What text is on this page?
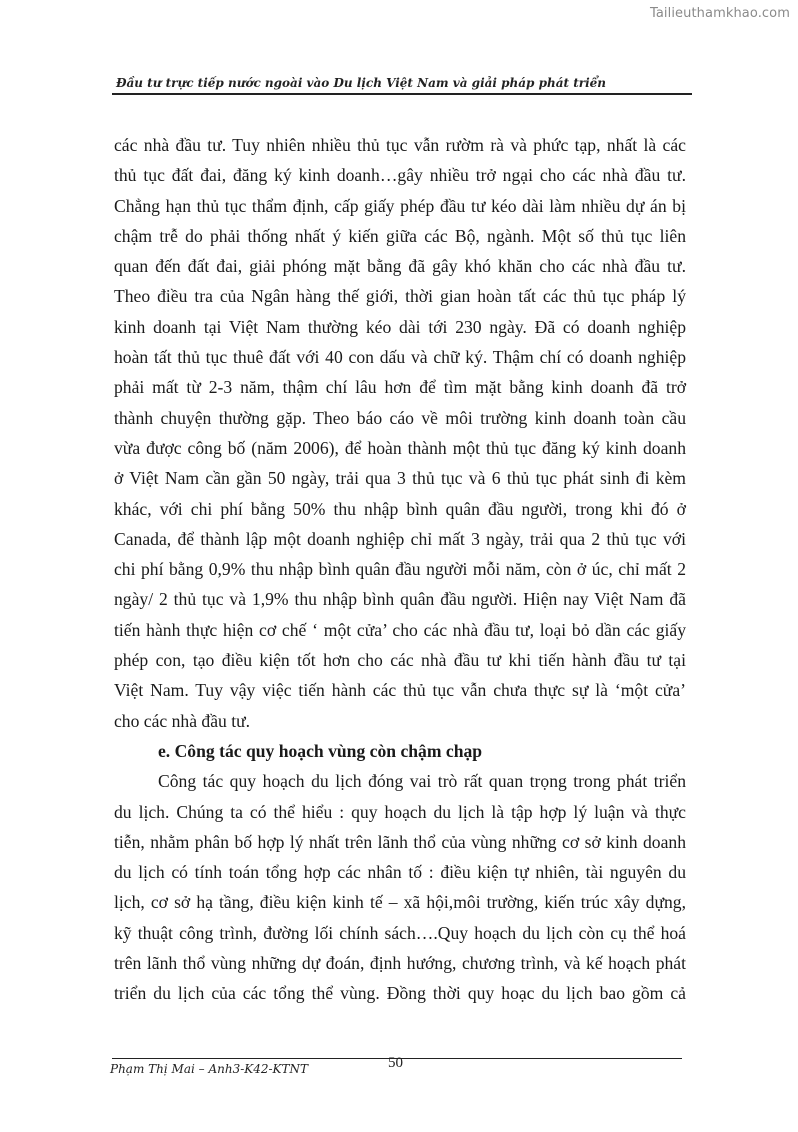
Tailieuthamkhao.com
Đầu tư trực tiếp nước ngoài vào Du lịch Việt Nam và giải pháp phát triển
các nhà đầu tư. Tuy nhiên nhiều thủ tục vẫn rườm rà và phức tạp, nhất là các
thủ tục đất đai, đăng ký kinh doanh…gây nhiều trở ngại cho các nhà đầu tư.
Chẳng hạn thủ tục thẩm định, cấp giấy phép đầu tư kéo dài làm nhiều dự án bị
chậm trễ do phải thống nhất ý kiến giữa các Bộ, ngành. Một số thủ tục liên
quan đến đất đai, giải phóng mặt bằng đã gây khó khăn cho các nhà đầu tư.
Theo điều tra của Ngân hàng thế giới, thời gian hoàn tất các thủ tục pháp lý
kinh doanh tại Việt Nam thường kéo dài tới 230 ngày. Đã có doanh nghiệp
hoàn tất thủ tục thuê đất với 40 con dấu và chữ ký. Thậm chí có doanh nghiệp
phải mất từ 2-3 năm, thậm chí lâu hơn để tìm mặt bằng kinh doanh đã trở
thành chuyện thường gặp. Theo báo cáo về môi trường kinh doanh toàn cầu
vừa được công bố (năm 2006), để hoàn thành một thủ tục đăng ký kinh doanh
ở Việt Nam cần gần 50 ngày, trải qua 3 thủ tục và 6 thủ tục phát sinh đi kèm
khác, với chi phí bằng 50% thu nhập bình quân đầu người, trong khi đó ở
Canada, để thành lập một doanh nghiệp chỉ mất 3 ngày, trải qua 2 thủ tục với
chi phí bằng 0,9% thu nhập bình quân đầu người mỗi năm, còn ở úc, chỉ mất 2
ngày/ 2 thủ tục và 1,9% thu nhập bình quân đầu người. Hiện nay Việt Nam đã
tiến hành thực hiện cơ chế ‘ một cửa’ cho các nhà đầu tư, loại bỏ dần các giấy
phép con, tạo điều kiện tốt hơn cho các nhà đầu tư khi tiến hành đầu tư tại
Việt Nam. Tuy vậy việc tiến hành các thủ tục vẫn chưa thực sự là ‘một cửa’
cho các nhà đầu tư.
e. Công tác quy hoạch vùng còn chậm chạp
Công tác quy hoạch du lịch đóng vai trò rất quan trọng trong phát triển
du lịch. Chúng ta có thể hiểu : quy hoạch du lịch là tập hợp lý luận và thực
tiễn, nhằm phân bố hợp lý nhất trên lãnh thổ của vùng những cơ sở kinh doanh
du lịch có tính toán tổng hợp các nhân tố : điều kiện tự nhiên, tài nguyên du
lịch, cơ sở hạ tầng, điều kiện kinh tế – xã hội,môi trường, kiến trúc xây dựng,
kỹ thuật công trình, đường lối chính sách….Quy hoạch du lịch còn cụ thể hoá
trên lãnh thổ vùng những dự đoán, định hướng, chương trình, và kế hoạch phát
triển du lịch của các tổng thể vùng. Đồng thời quy hoạc du lịch bao gồm cả
Phạm Thị Mai – Anh3-K42-KTNT	50
